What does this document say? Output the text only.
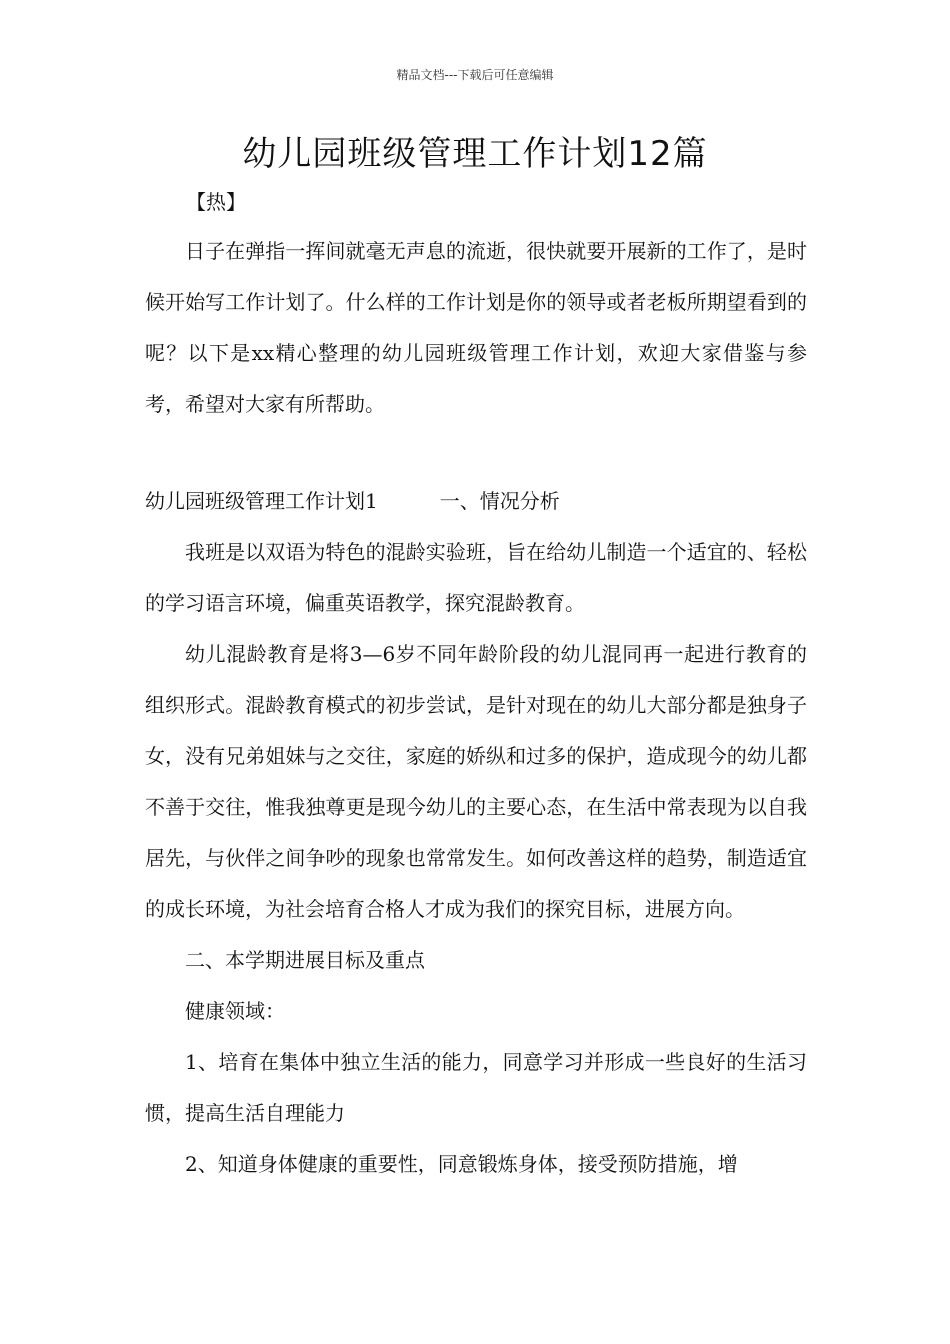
精品文档---下载后可任意编辑
幼儿园班级管理工作计划12篇
【热】

日子在弹指一挥间就毫无声息的流逝，很快就要开展新的工作了，是时候开始写工作计划了。什么样的工作计划是你的领导或者老板所期望看到的呢？以下是xx精心整理的幼儿园班级管理工作计划，欢迎大家借鉴与参考，希望对大家有所帮助。

幼儿园班级管理工作计划1	一、情况分析

我班是以双语为特色的混龄实验班，旨在给幼儿制造一个适宜的、轻松的学习语言环境，偏重英语教学，探究混龄教育。

幼儿混龄教育是将3—6岁不同年龄阶段的幼儿混同再一起进行教育的组织形式。混龄教育模式的初步尝试，是针对现在的幼儿大部分都是独身子女，没有兄弟姐妹与之交往，家庭的娇纵和过多的保护，造成现今的幼儿都不善于交往，惟我独尊更是现今幼儿的主要心态，在生活中常表现为以自我居先，与伙伴之间争吵的现象也常常发生。如何改善这样的趋势，制造适宜的成长环境，为社会培育合格人才成为我们的探究目标，进展方向。

二、本学期进展目标及重点

健康领域：

1、培育在集体中独立生活的能力，同意学习并形成一些良好的生活习惯，提高生活自理能力

2、知道身体健康的重要性，同意锻炼身体，接受预防措施，增
